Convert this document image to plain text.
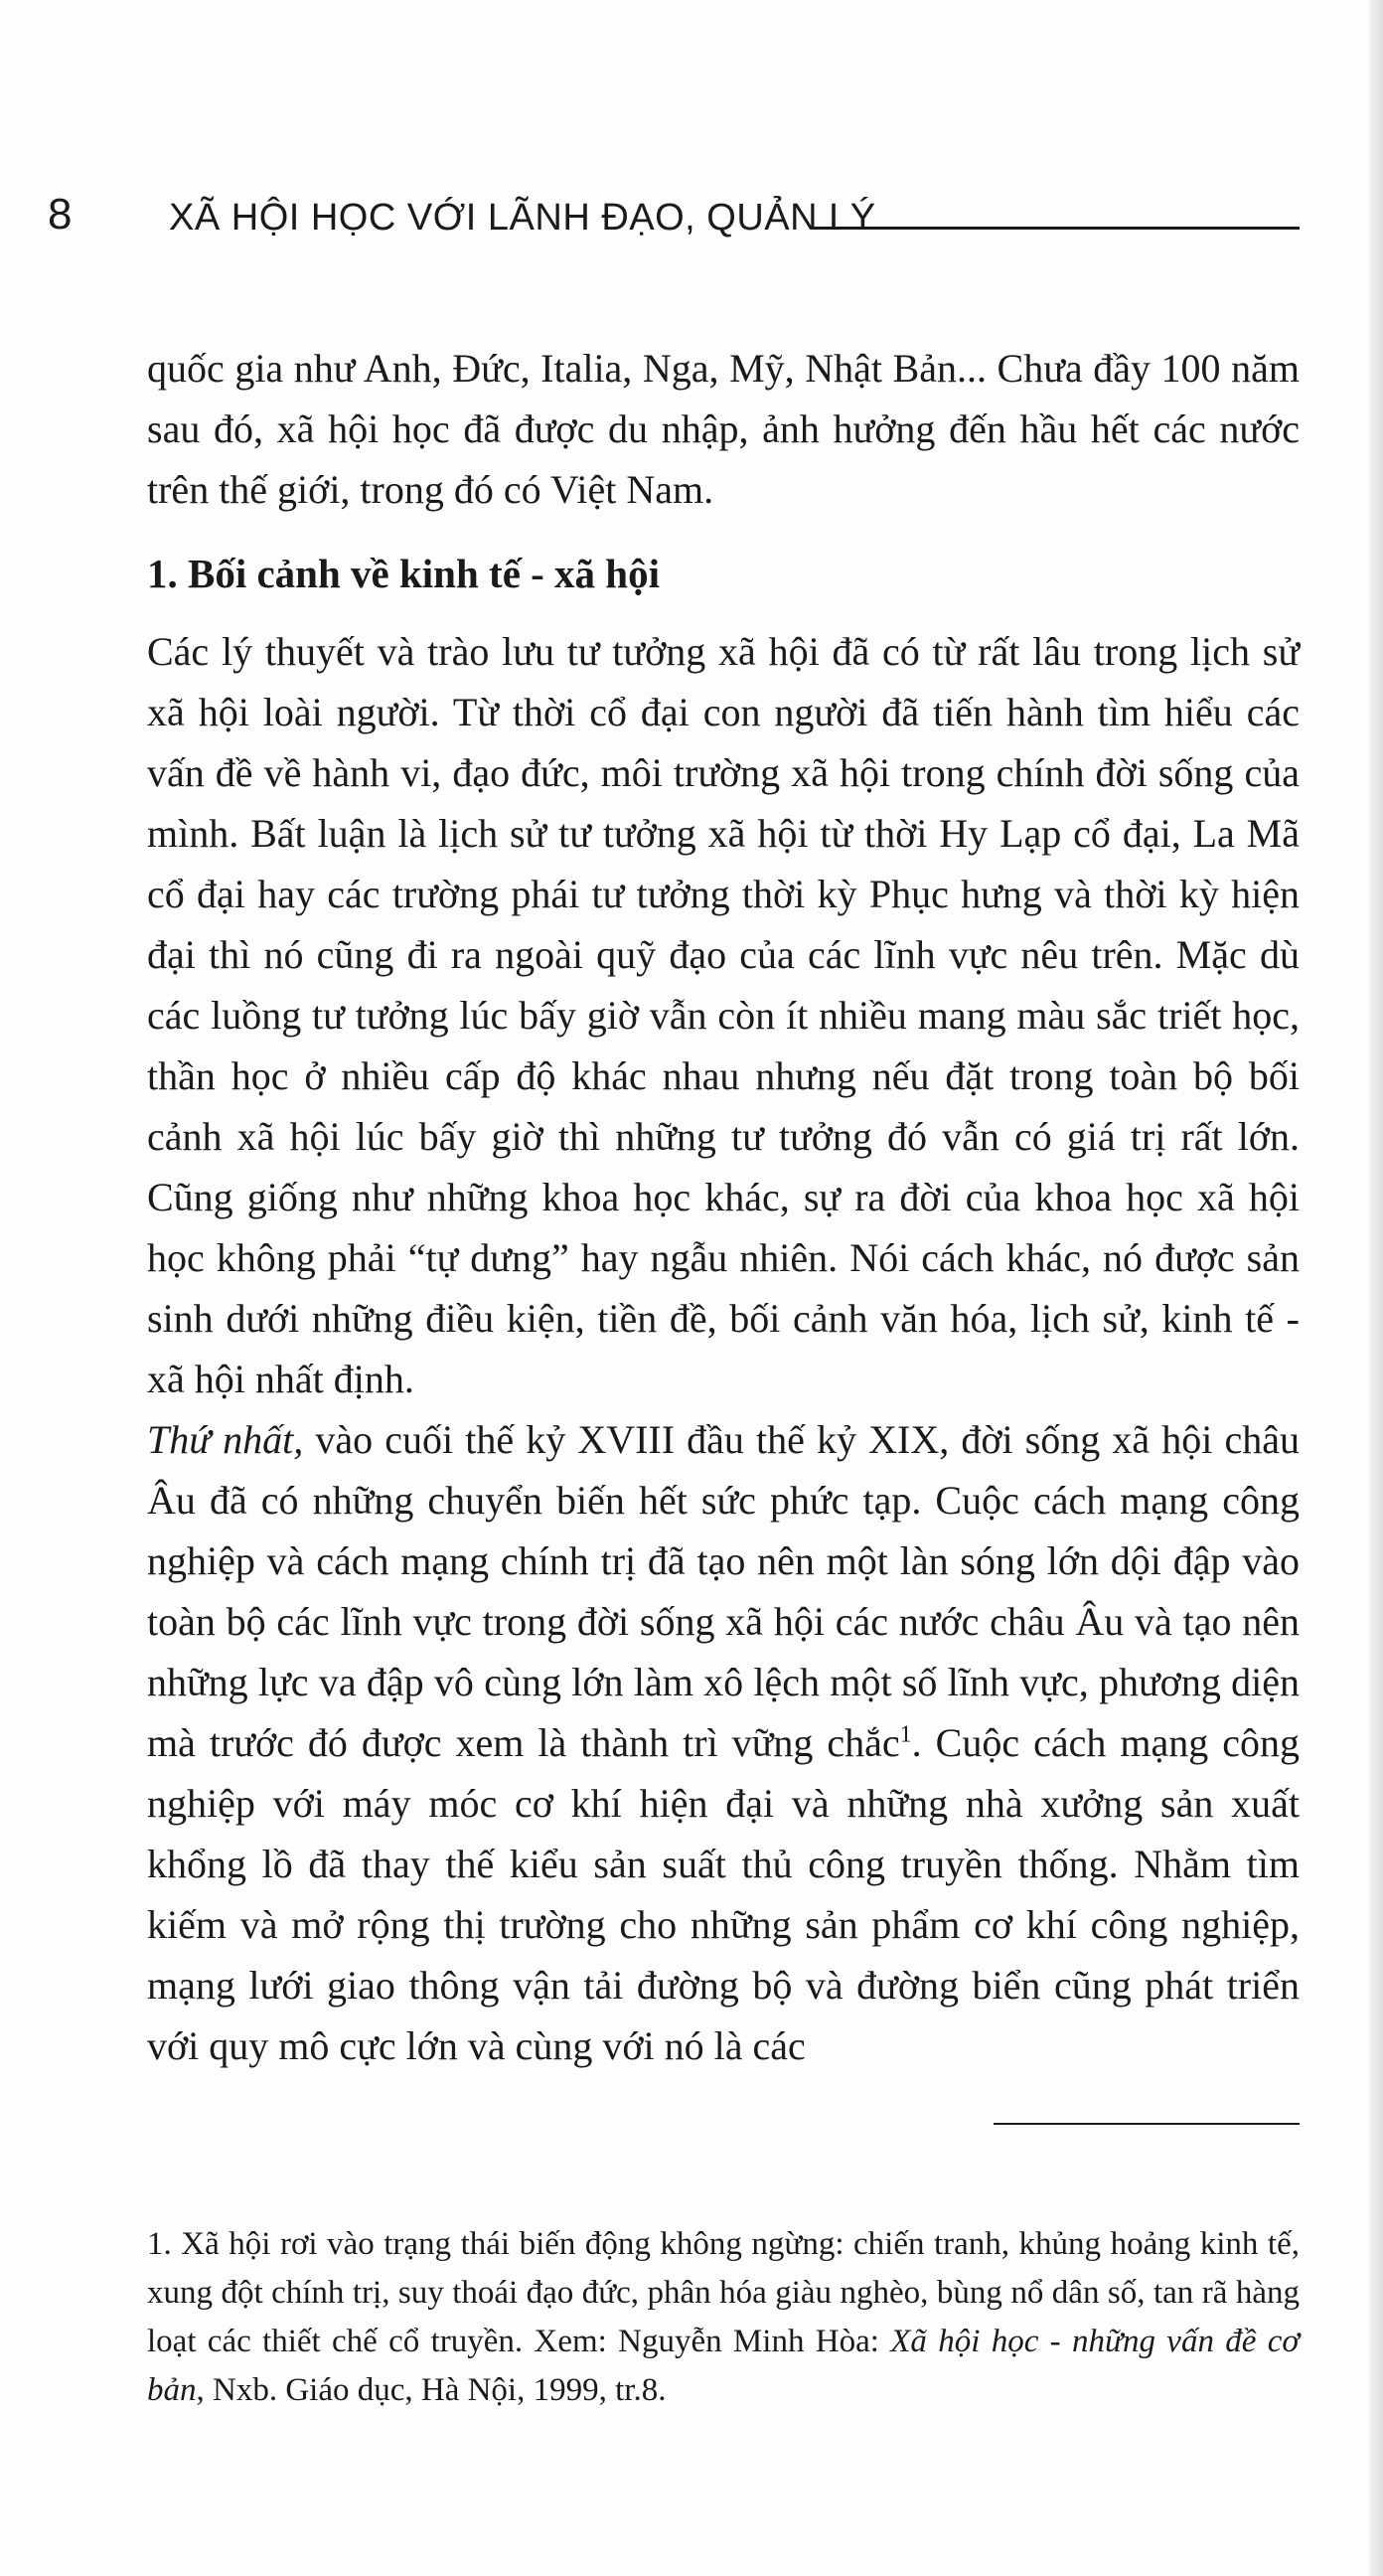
8	XÃ HỘI HỌC VỚI LÃNH ĐẠO, QUẢN LÝ

quốc gia như Anh, Đức, Italia, Nga, Mỹ, Nhật Bản... Chưa đầy 100 năm sau đó, xã hội học đã được du nhập, ảnh hưởng đến hầu hết các nước trên thế giới, trong đó có Việt Nam.

1. Bối cảnh về kinh tế - xã hội

Các lý thuyết và trào lưu tư tưởng xã hội đã có từ rất lâu trong lịch sử xã hội loài người. Từ thời cổ đại con người đã tiến hành tìm hiểu các vấn đề về hành vi, đạo đức, môi trường xã hội trong chính đời sống của mình. Bất luận là lịch sử tư tưởng xã hội từ thời Hy Lạp cổ đại, La Mã cổ đại hay các trường phái tư tưởng thời kỳ Phục hưng và thời kỳ hiện đại thì nó cũng đi ra ngoài quỹ đạo của các lĩnh vực nêu trên. Mặc dù các luồng tư tưởng lúc bấy giờ vẫn còn ít nhiều mang màu sắc triết học, thần học ở nhiều cấp độ khác nhau nhưng nếu đặt trong toàn bộ bối cảnh xã hội lúc bấy giờ thì những tư tưởng đó vẫn có giá trị rất lớn. Cũng giống như những khoa học khác, sự ra đời của khoa học xã hội học không phải “tự dưng” hay ngẫu nhiên. Nói cách khác, nó được sản sinh dưới những điều kiện, tiền đề, bối cảnh văn hóa, lịch sử, kinh tế - xã hội nhất định.

Thứ nhất, vào cuối thế kỷ XVIII đầu thế kỷ XIX, đời sống xã hội châu Âu đã có những chuyển biến hết sức phức tạp. Cuộc cách mạng công nghiệp và cách mạng chính trị đã tạo nên một làn sóng lớn dội đập vào toàn bộ các lĩnh vực trong đời sống xã hội các nước châu Âu và tạo nên những lực va đập vô cùng lớn làm xô lệch một số lĩnh vực, phương diện mà trước đó được xem là thành trì vững chắc$^1$. Cuộc cách mạng công nghiệp với máy móc cơ khí hiện đại và những nhà xưởng sản xuất khổng lồ đã thay thế kiểu sản suất thủ công truyền thống. Nhằm tìm kiếm và mở rộng thị trường cho những sản phẩm cơ khí công nghiệp, mạng lưới giao thông vận tải đường bộ và đường biển cũng phát triển với quy mô cực lớn và cùng với nó là các

1. Xã hội rơi vào trạng thái biến động không ngừng: chiến tranh, khủng hoảng kinh tế, xung đột chính trị, suy thoái đạo đức, phân hóa giàu nghèo, bùng nổ dân số, tan rã hàng loạt các thiết chế cổ truyền. Xem: Nguyễn Minh Hòa: Xã hội học - những vấn đề cơ bản, Nxb. Giáo dục, Hà Nội, 1999, tr.8.
